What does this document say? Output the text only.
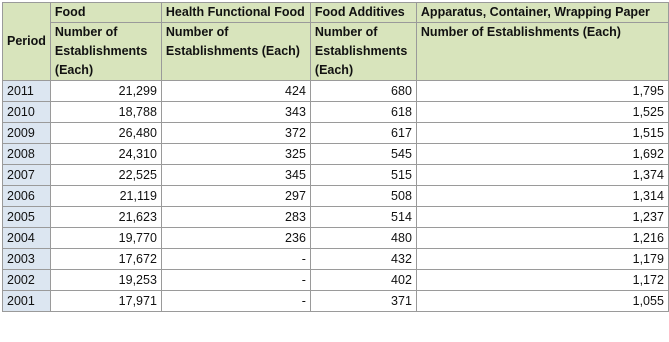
Period	Food	Health Functional Food	Food Additives	Apparatus, Container, Wrapping Paper
	Number of Establishments (Each)	Number of Establishments (Each)	Number of Establishments (Each)	Number of Establishments (Each)
2011	21,299	424	680	1,795
2010	18,788	343	618	1,525
2009	26,480	372	617	1,515
2008	24,310	325	545	1,692
2007	22,525	345	515	1,374
2006	21,119	297	508	1,314
2005	21,623	283	514	1,237
2004	19,770	236	480	1,216
2003	17,672	-	432	1,179
2002	19,253	-	402	1,172
2001	17,971	-	371	1,055
